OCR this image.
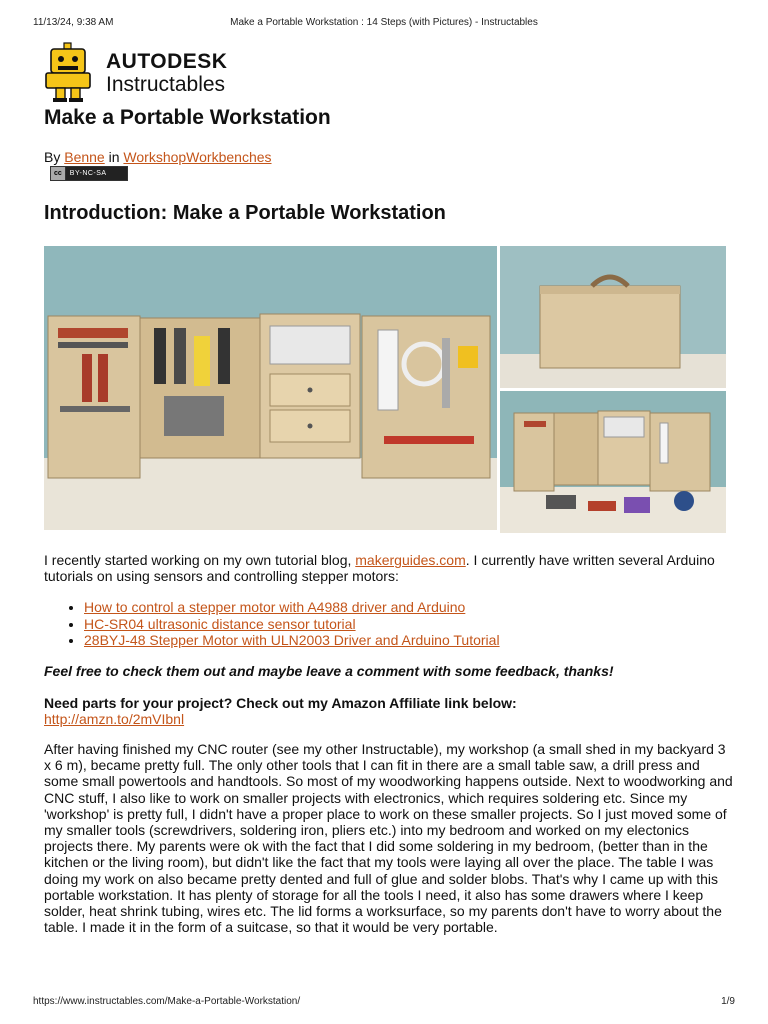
11/13/24, 9:38 AM	Make a Portable Workstation : 14 Steps (with Pictures) - Instructables
AUTODESK
Instructables
Make a Portable Workstation
By Benne in WorkshopWorkbenches
cc	BY-NC-SA
Introduction: Make a Portable Workstation

I recently started working on my own tutorial blog, makerguides.com. I currently have written several Arduino tutorials on using sensors and controlling stepper motors:

• How to control a stepper motor with A4988 driver and Arduino
• HC-SR04 ultrasonic distance sensor tutorial
• 28BYJ-48 Stepper Motor with ULN2003 Driver and Arduino Tutorial

Feel free to check them out and maybe leave a comment with some feedback, thanks!

Need parts for your project? Check out my Amazon Affiliate link below:

http://amzn.to/2mVIbnl

After having finished my CNC router (see my other Instructable), my workshop (a small shed in my backyard 3 x 6 m), became pretty full. The only other tools that I can fit in there are a small table saw, a drill press and some small powertools and handtools. So most of my woodworking happens outside. Next to woodworking and CNC stuff, I also like to work on smaller projects with electronics, which requires soldering etc. Since my 'workshop' is pretty full, I didn't have a proper place to work on these smaller projects. So I just moved some of my smaller tools (screwdrivers, soldering iron, pliers etc.) into my bedroom and worked on my electonics projects there. My parents were ok with the fact that I did some soldering in my bedroom, (better than in the kitchen or the living room), but didn't like the fact that my tools were laying all over the place. The table I was doing my work on also became pretty dented and full of glue and solder blobs. That's why I came up with this portable workstation. It has plenty of storage for all the tools I need, it also has some drawers where I keep solder, heat shrink tubing, wires etc. The lid forms a worksurface, so my parents don't have to worry about the table. I made it in the form of a suitcase, so that it would be very portable.

https://www.instructables.com/Make-a-Portable-Workstation/	1/9
